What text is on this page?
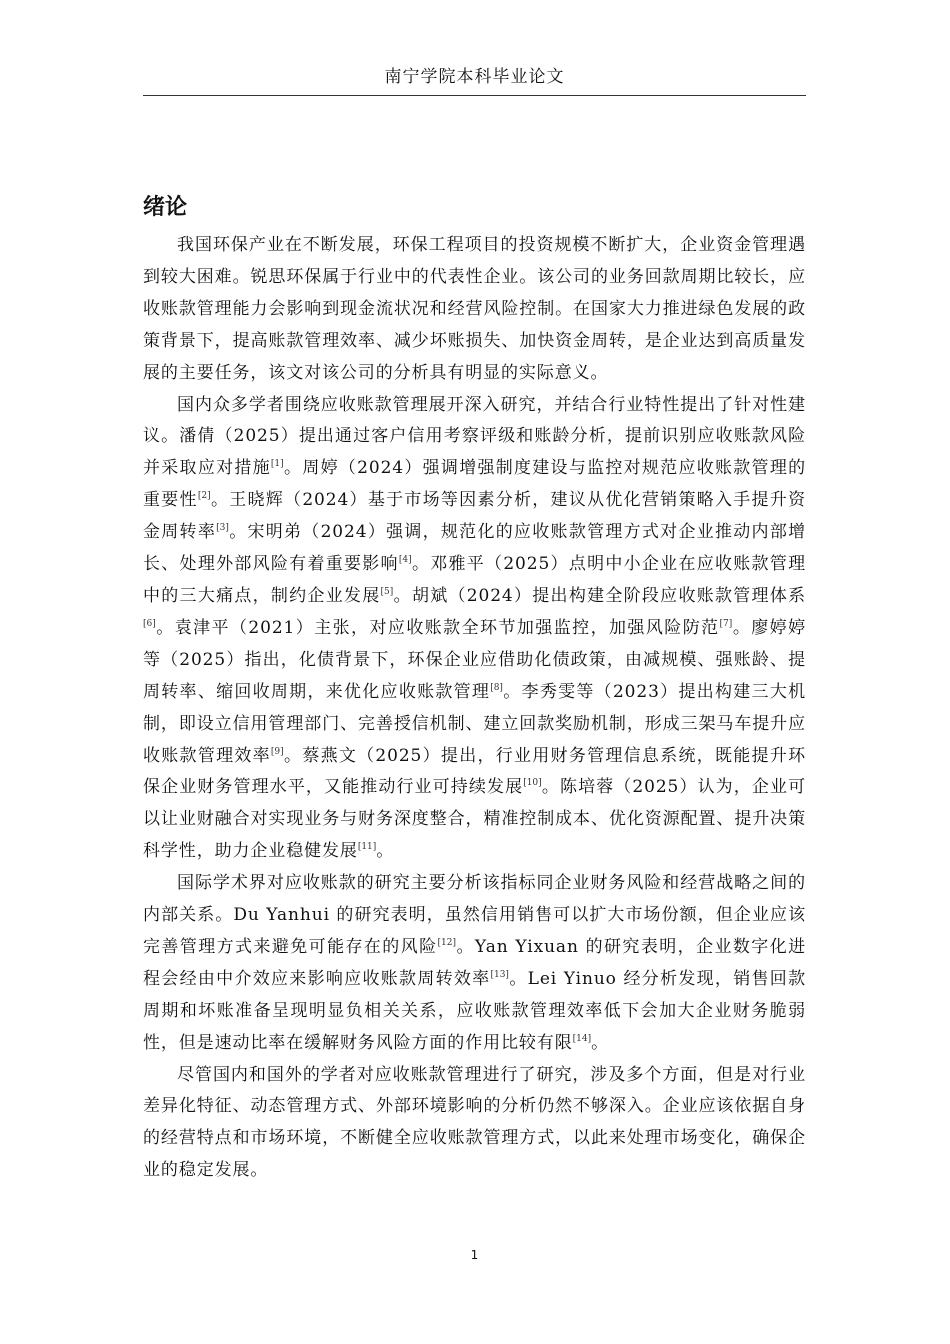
南宁学院本科毕业论文
绪论

我国环保产业在不断发展，环保工程项目的投资规模不断扩大，企业资金管理遇到较大困难。锐思环保属于行业中的代表性企业。该公司的业务回款周期比较长，应收账款管理能力会影响到现金流状况和经营风险控制。在国家大力推进绿色发展的政策背景下，提高账款管理效率、减少坏账损失、加快资金周转，是企业达到高质量发展的主要任务，该文对该公司的分析具有明显的实际意义。

国内众多学者围绕应收账款管理展开深入研究，并结合行业特性提出了针对性建议。潘倩（2025）提出通过客户信用考察评级和账龄分析，提前识别应收账款风险并采取应对措施[1]。周婷（2024）强调增强制度建设与监控对规范应收账款管理的重要性[2]。王晓辉（2024）基于市场等因素分析，建议从优化营销策略入手提升资金周转率[3]。宋明弟（2024）强调，规范化的应收账款管理方式对企业推动内部增长、处理外部风险有着重要影响[4]。邓雅平（2025）点明中小企业在应收账款管理中的三大痛点，制约企业发展[5]。胡斌（2024）提出构建全阶段应收账款管理体系[6]。袁津平（2021）主张，对应收账款全环节加强监控，加强风险防范[7]。廖婷婷等（2025）指出，化债背景下，环保企业应借助化债政策，由减规模、强账龄、提周转率、缩回收周期，来优化应收账款管理[8]。李秀雯等（2023）提出构建三大机制，即设立信用管理部门、完善授信机制、建立回款奖励机制，形成三架马车提升应收账款管理效率[9]。蔡燕文（2025）提出，行业用财务管理信息系统，既能提升环保企业财务管理水平，又能推动行业可持续发展[10]。陈培蓉（2025）认为，企业可以让业财融合对实现业务与财务深度整合，精准控制成本、优化资源配置、提升决策科学性，助力企业稳健发展[11]。

国际学术界对应收账款的研究主要分析该指标同企业财务风险和经营战略之间的内部关系。Du Yanhui 的研究表明，虽然信用销售可以扩大市场份额，但企业应该完善管理方式来避免可能存在的风险[12]。Yan Yixuan 的研究表明，企业数字化进程会经由中介效应来影响应收账款周转效率[13]。Lei Yinuo 经分析发现，销售回款周期和坏账准备呈现明显负相关关系，应收账款管理效率低下会加大企业财务脆弱性，但是速动比率在缓解财务风险方面的作用比较有限[14]。

尽管国内和国外的学者对应收账款管理进行了研究，涉及多个方面，但是对行业差异化特征、动态管理方式、外部环境影响的分析仍然不够深入。企业应该依据自身的经营特点和市场环境，不断健全应收账款管理方式，以此来处理市场变化，确保企业的稳定发展。

1
